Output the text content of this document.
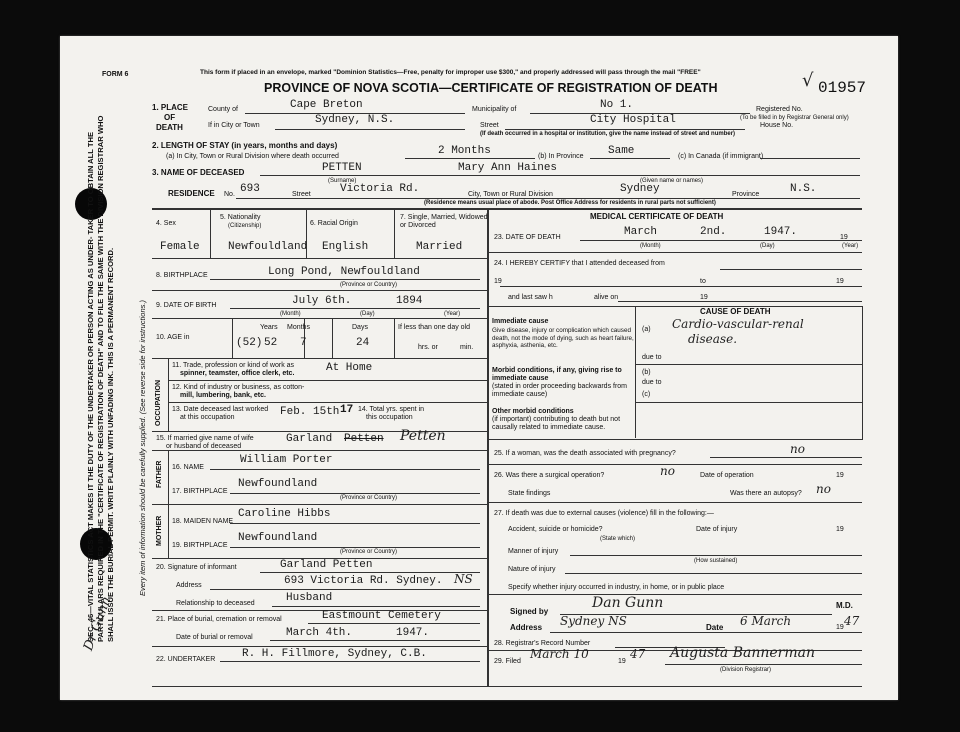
FORM 6	This form if placed in an envelope, marked "Dominion Statistics—Free, penalty for improper use $300," and properly addressed will pass through the mail "FREE"
PROVINCE OF NOVA SCOTIA—CERTIFICATE OF REGISTRATION OF DEATH	√ 01957
SEC. 46—VITAL STATISTICS ACT MAKES IT THE DUTY OF THE UNDERTAKER OR PERSON ACTING AS UNDER- TAKER TO OBTAIN ALL THE PARTICULARS REQUIRED IN THE "CERTIFICATE OF REGISTRATION OF DEATH" AND TO FILE THE SAME WITH THE DIVISION REGISTRAR WHO SHALL ISSUE THE BURIAL PERMIT. WRITE PLAINLY WITH UNFADING INK. THIS IS A PERMANENT RECORD.	Every item of information should be carefully supplied. (See reverse side for instructions.)
Dr Gunn
1. PLACE
OF
DEATH
County of	Cape Breton	Municipality of	No 1.	Registered No.
(To be filled in by Registrar General only)
If in City or Town	Sydney, N.S.	Street	City Hospital	House No.
(If death occurred in a hospital or institution, give the name instead of street and number)
2. LENGTH OF STAY (in years, months and days)
(a) In City, Town or Rural Division where death occurred	2 Months	(b) In Province Same	(c) In Canada (if immigrant)
3. NAME OF DECEASED	PETTEN	Mary Ann Haines
(Surname)	(Given name or names)
RESIDENCE No. 693	Street	Victoria Rd.	City, Town or Rural Division	Sydney	Province	N.S.
(Residence means usual place of abode. Post Office Address for residents in rural parts not sufficient)
4. Sex
Female
5. Nationality
(Citizenship)
Newfouldland
6. Racial Origin
English
7. Single, Married, Widowed or Divorced
Married
8. BIRTHPLACE	Long Pond, Newfouldland
(Province or Country)
9. DATE OF BIRTH	July 6th.	1894
(Month)	(Day)	(Year)
10. AGE in
Years
(52) 52
Months
7
Days
24
If less than one day old
hrs. or	min.
OCCUPATION
11. Trade, profession or kind of work as
spinner, teamster, office clerk, etc.	At Home
12. Kind of industry or business, as cotton-
mill, lumbering, bank, etc.
13. Date deceased last worked
at this occupation	Feb. 15th 17 14. Total yrs. spent in
this occupation
15. If married give name of wife
or husband of deceased
Garland Petten Petten
FATHER 16. NAME
William Porter
17. BIRTHPLACE
Newfoundland
(Province or Country)
MOTHER 18. MAIDEN NAME
Caroline Hibbs
19. BIRTHPLACE
Newfoundland
(Province or Country)
20. Signature of informant	Garland Petten
Address	693 Victoria Rd. Sydney. NS
Relationship to deceased	Husband
21. Place of burial, cremation or removal	Eastmount Cemetery
Date of burial or removal	March 4th.	1947.
22. UNDERTAKER R. H. Fillmore, Sydney, C.B.
MEDICAL CERTIFICATE OF DEATH
23. DATE OF DEATH	March	2nd.	1947.	19
(Month)	(Day)	(Year)
24. I HEREBY CERTIFY that I attended deceased from
19	to	19
and last saw h	alive on	19
CAUSE OF DEATH
Immediate cause
Give disease, injury or complication which caused death, not the mode of dying, such as heart failure, asphyxia, asthenia, etc.
(a) Cardio-vascular-renal
disease.
due to
Morbid conditions, if any, giving rise to immediate cause
(stated in order proceeding backwards from immediate cause)
(b)
due to
(c)
Other morbid conditions
(if important) contributing to death but not causally related to immediate cause.
25. If a woman, was the death associated with pregnancy?	no
26. Was there a surgical operation?	no	Date of operation	19
State findings	Was there an autopsy? no
27. If death was due to external causes (violence) fill in the following:—
Accident, suicide or homicide?	Date of injury	19
(State which)
Manner of injury
(How sustained)
Nature of injury
Specify whether injury occurred in industry, in home, or in public place
Signed by
Dan Gunn	M.D.
Address Sydney NS	Date 6 March	19 47
28. Registrar's Record Number
29. Filed
March 10
19
47 Augusta Bannerman
(Division Registrar)
